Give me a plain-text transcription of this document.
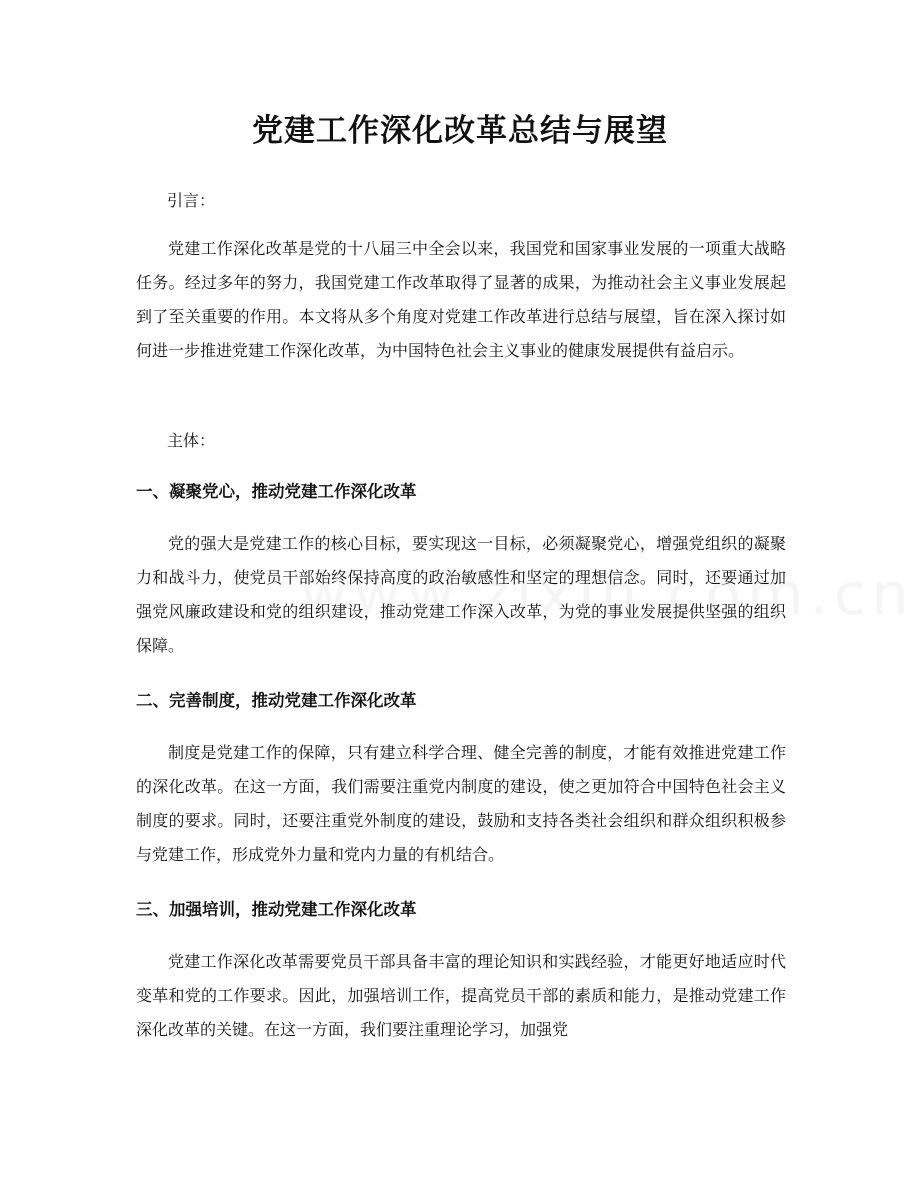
党建工作深化改革总结与展望
引言：
党建工作深化改革是党的十八届三中全会以来，我国党和国家事业发展的一项重大战略任务。经过多年的努力，我国党建工作改革取得了显著的成果，为推动社会主义事业发展起到了至关重要的作用。本文将从多个角度对党建工作改革进行总结与展望，旨在深入探讨如何进一步推进党建工作深化改革，为中国特色社会主义事业的健康发展提供有益启示。
主体：
一、凝聚党心，推动党建工作深化改革
党的强大是党建工作的核心目标，要实现这一目标，必须凝聚党心，增强党组织的凝聚力和战斗力，使党员干部始终保持高度的政治敏感性和坚定的理想信念。同时，还要通过加强党风廉政建设和党的组织建设，推动党建工作深入改革，为党的事业发展提供坚强的组织保障。
二、完善制度，推动党建工作深化改革
制度是党建工作的保障，只有建立科学合理、健全完善的制度，才能有效推进党建工作的深化改革。在这一方面，我们需要注重党内制度的建设，使之更加符合中国特色社会主义制度的要求。同时，还要注重党外制度的建设，鼓励和支持各类社会组织和群众组织积极参与党建工作，形成党外力量和党内力量的有机结合。
三、加强培训，推动党建工作深化改革
党建工作深化改革需要党员干部具备丰富的理论知识和实践经验，才能更好地适应时代变革和党的工作要求。因此，加强培训工作，提高党员干部的素质和能力，是推动党建工作深化改革的关键。在这一方面，我们要注重理论学习，加强党
